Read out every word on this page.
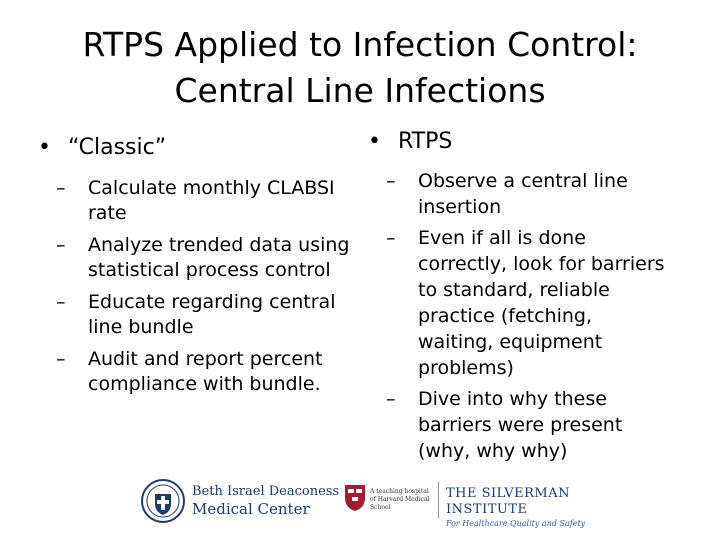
RTPS Applied to Infection Control:
Central Line Infections
• “Classic”
– Calculate monthly CLABSI rate
– Analyze trended data using statistical process control
– Educate regarding central line bundle
– Audit and report percent compliance with bundle.
• RTPS
– Observe a central line insertion
– Even if all is done correctly, look for barriers to standard, reliable practice (fetching, waiting, equipment problems)
– Dive into why these barriers were present (why, why why)
Beth Israel Deaconess
Medical Center
A teaching hospital of Harvard Medical School
THE SILVERMAN INSTITUTE
For Healthcare Quality and Safety
